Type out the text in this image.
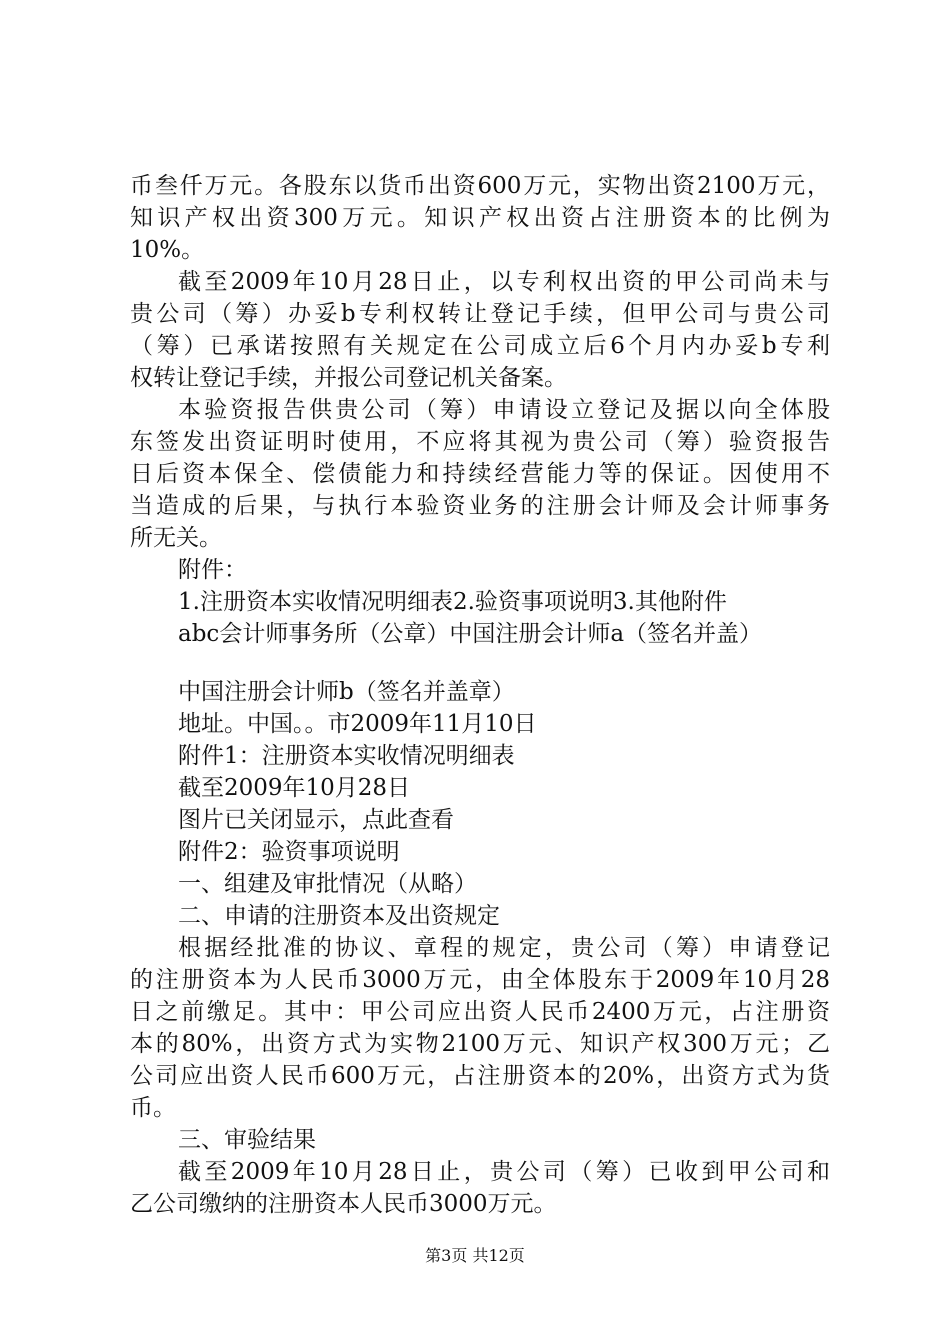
币叁仟万元。各股东以货币出资600万元，实物出资2100万元，
知识产权出资300万元。知识产权出资占注册资本的比例为
10%。
截至2009年10月28日止，以专利权出资的甲公司尚未与
贵公司（筹）办妥b专利权转让登记手续，但甲公司与贵公司
（筹）已承诺按照有关规定在公司成立后6个月内办妥b专利
权转让登记手续，并报公司登记机关备案。
本验资报告供贵公司（筹）申请设立登记及据以向全体股
东签发出资证明时使用，不应将其视为贵公司（筹）验资报告
日后资本保全、偿债能力和持续经营能力等的保证。因使用不
当造成的后果，与执行本验资业务的注册会计师及会计师事务
所无关。
附件：
1.注册资本实收情况明细表2.验资事项说明3.其他附件
abc会计师事务所（公章）中国注册会计师a（签名并盖）
中国注册会计师b（签名并盖章）
地址。中国。。市2009年11月10日
附件1：注册资本实收情况明细表
截至2009年10月28日
图片已关闭显示，点此查看
附件2：验资事项说明
一、组建及审批情况（从略）
二、申请的注册资本及出资规定
根据经批准的协议、章程的规定，贵公司（筹）申请登记
的注册资本为人民币3000万元，由全体股东于2009年10月28
日之前缴足。其中：甲公司应出资人民币2400万元，占注册资
本的80%，出资方式为实物2100万元、知识产权300万元；乙
公司应出资人民币600万元，占注册资本的20%，出资方式为货
币。
三、审验结果
截至2009年10月28日止，贵公司（筹）已收到甲公司和
乙公司缴纳的注册资本人民币3000万元。
第3页 共12页
